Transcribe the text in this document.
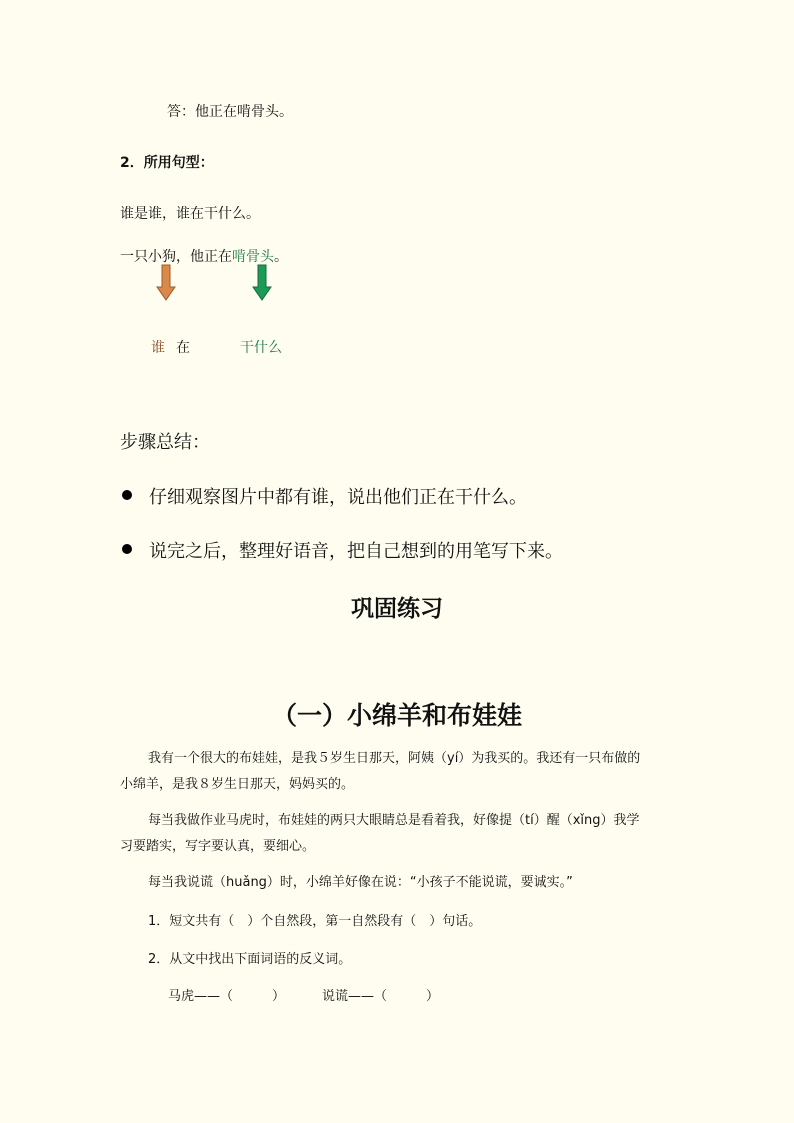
答：他正在啃骨头。
2．所用句型：
谁是谁，谁在干什么。
一只小狗，他正在啃骨头。
谁 在	干什么
步骤总结：
仔细观察图片中都有谁，说出他们正在干什么。
说完之后，整理好语音，把自己想到的用笔写下来。
巩固练习
（一）小绵羊和布娃娃
我有一个很大的布娃娃，是我５岁生日那天，阿姨（yí）为我买的。我还有一只布做的小绵羊，是我８岁生日那天，妈妈买的。
每当我做作业马虎时，布娃娃的两只大眼睛总是看着我，好像提（tí）醒（xǐng）我学习要踏实，写字要认真，要细心。
每当我说谎（huǎng）时，小绵羊好像在说：“小孩子不能说谎，要诚实。”
1．短文共有（　）个自然段，第一自然段有（　）句话。
2．从文中找出下面词语的反义词。
马虎——（　　　）	说谎——（　　　）
